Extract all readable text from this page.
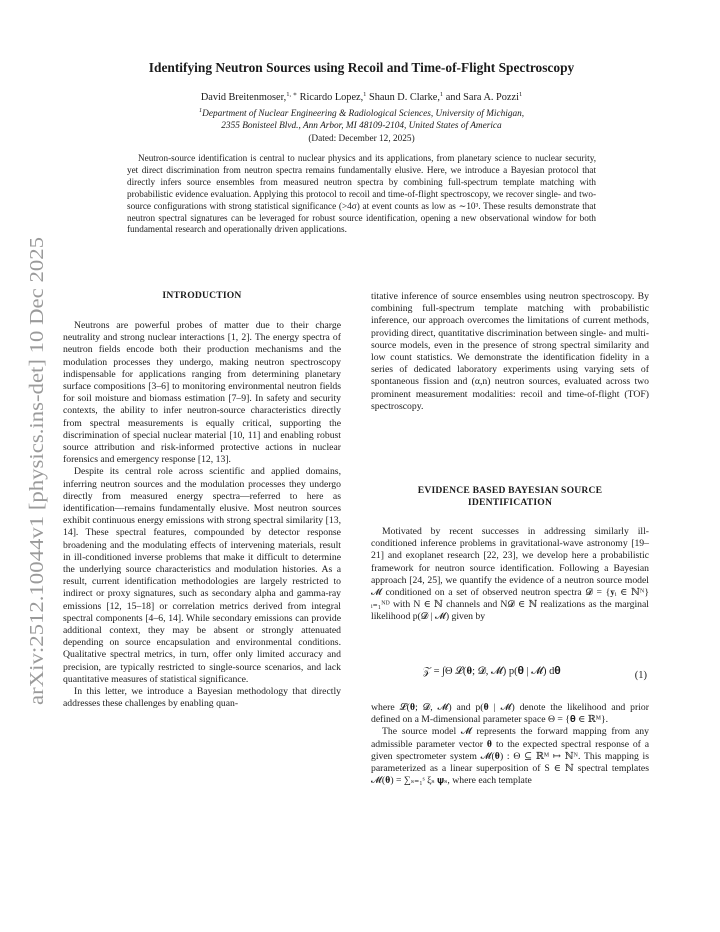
arXiv:2512.10044v1 [physics.ins-det] 10 Dec 2025
Identifying Neutron Sources using Recoil and Time-of-Flight Spectroscopy
David Breitenmoser,$^{1, ∗}$ Ricardo Lopez,$^1$ Shaun D. Clarke,$^1$ and Sara A. Pozzi$^1$
$^1$Department of Nuclear Engineering & Radiological Sciences, University of Michigan,
2355 Bonisteel Blvd., Ann Arbor, MI 48109-2104, United States of America
(Dated: December 12, 2025)
Neutron-source identification is central to nuclear physics and its applications, from planetary science to nuclear security, yet direct discrimination from neutron spectra remains fundamentally elusive. Here, we introduce a Bayesian protocol that directly infers source ensembles from measured neutron spectra by combining full-spectrum template matching with probabilistic evidence evaluation. Applying this protocol to recoil and time-of-flight spectroscopy, we recover single- and two-source configurations with strong statistical significance (>4σ) at event counts as low as ∼10³. These results demonstrate that neutron spectral signatures can be leveraged for robust source identification, opening a new observational window for both fundamental research and operationally driven applications.
INTRODUCTION

Neutrons are powerful probes of matter due to their charge neutrality and strong nuclear interactions [1, 2]. The energy spectra of neutron fields encode both their production mechanisms and the modulation processes they undergo, making neutron spectroscopy indispensable for applications ranging from determining planetary surface compositions [3–6] to monitoring environmental neutron fields for soil moisture and biomass estimation [7–9]. In safety and security contexts, the ability to infer neutron-source characteristics directly from spectral measurements is equally critical, supporting the discrimination of special nuclear material [10, 11] and enabling robust source attribution and risk-informed protective actions in nuclear forensics and emergency response [12, 13].

Despite its central role across scientific and applied domains, inferring neutron sources and the modulation processes they undergo directly from measured energy spectra—referred to here as identification—remains fundamentally elusive. Most neutron sources exhibit continuous energy emissions with strong spectral similarity [13, 14]. These spectral features, compounded by detector response broadening and the modulating effects of intervening materials, result in ill-conditioned inverse problems that make it difficult to determine the underlying source characteristics and modulation histories. As a result, current identification methodologies are largely restricted to indirect or proxy signatures, such as secondary alpha and gamma-ray emissions [12, 15–18] or correlation metrics derived from integral spectral components [4–6, 14]. While secondary emissions can provide additional context, they may be absent or strongly attenuated depending on source encapsulation and environmental conditions. Qualitative spectral metrics, in turn, offer only limited accuracy and precision, are typically restricted to single-source scenarios, and lack quantitative measures of statistical significance.

In this letter, we introduce a Bayesian methodology that directly addresses these challenges by enabling quan-

titative inference of source ensembles using neutron spectroscopy. By combining full-spectrum template matching with probabilistic inference, our approach overcomes the limitations of current methods, providing direct, quantitative discrimination between single- and multi-source models, even in the presence of strong spectral similarity and low count statistics. We demonstrate the identification fidelity in a series of dedicated laboratory experiments using varying sets of spontaneous fission and (α,n) neutron sources, evaluated across two prominent measurement modalities: recoil and time-of-flight (TOF) spectroscopy.

EVIDENCE BASED BAYESIAN SOURCE
IDENTIFICATION

Motivated by recent successes in addressing similarly ill-conditioned inference problems in gravitational-wave astronomy [19–21] and exoplanet research [22, 23], we develop here a probabilistic framework for neutron source identification. Following a Bayesian approach [24, 25], we quantify the evidence of a neutron source model 𝓜 conditioned on a set of observed neutron spectra 𝓓 = {𝐲ᵢ ∈ ℕᴺ}ᵢ₌₁ᴺᴰ with N ∈ ℕ channels and N𝓓 ∈ ℕ realizations as the marginal likelihood p(𝓓 | 𝓜) given by

𝒵 = ∫Θ 𝓛(𝛉; 𝓓, 𝓜) p(𝛉 | 𝓜) d𝛉	(1)

where 𝓛(𝛉; 𝓓, 𝓜) and p(𝛉 | 𝓜) denote the likelihood and prior defined on a M-dimensional parameter space Θ = {𝛉 ∈ ℝᴹ}.

The source model 𝓜 represents the forward mapping from any admissible parameter vector 𝛉 to the expected spectral response of a given spectrometer system 𝓜(𝛉) : Θ ⊆ ℝᴹ ↦ ℕᴺ. This mapping is parameterized as a linear superposition of S ∈ ℕ spectral templates 𝓜(𝛉) = ∑ₛ₌₁ˢ ξₛ 𝛙ₛ, where each template
